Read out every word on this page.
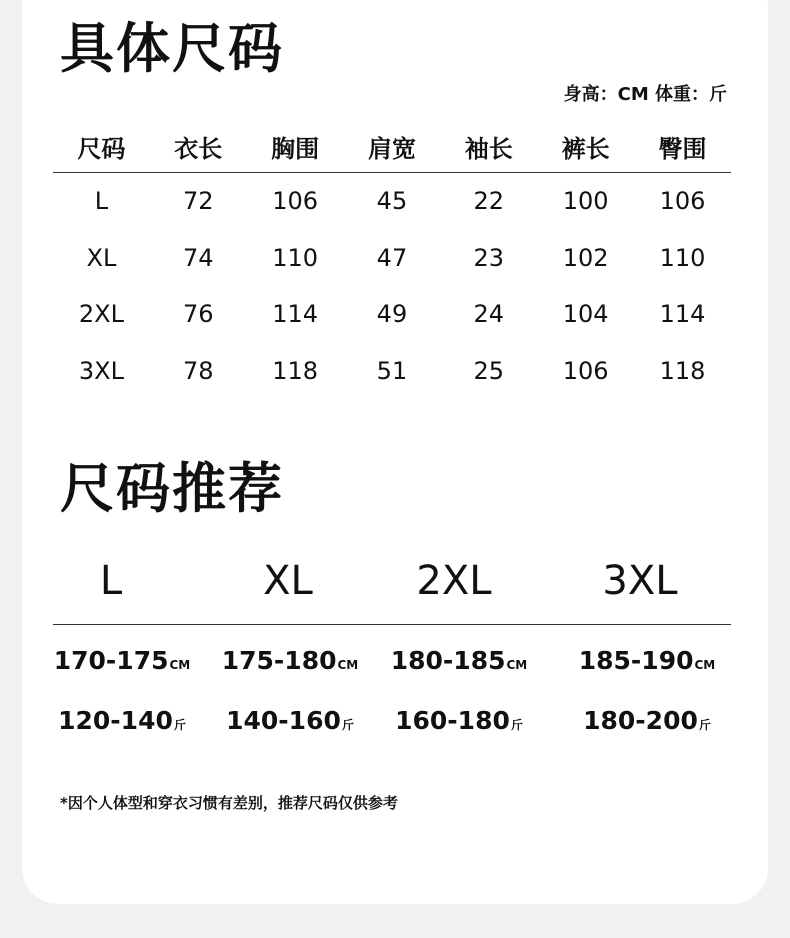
具体尺码
身高：CM 体重：斤
尺码	衣长	胸围	肩宽	袖长	裤长	臀围
L	72	106	45	22	100	106
XL	74	110	47	23	102	110
2XL	76	114	49	24	104	114
3XL	78	118	51	25	106	118
尺码推荐
L	XL	2XL	3XL
170-175CM 175-180CM 180-185CM 185-190CM
120-140斤 140-160斤 160-180斤 180-200斤
*因个人体型和穿衣习惯有差别，推荐尺码仅供参考
